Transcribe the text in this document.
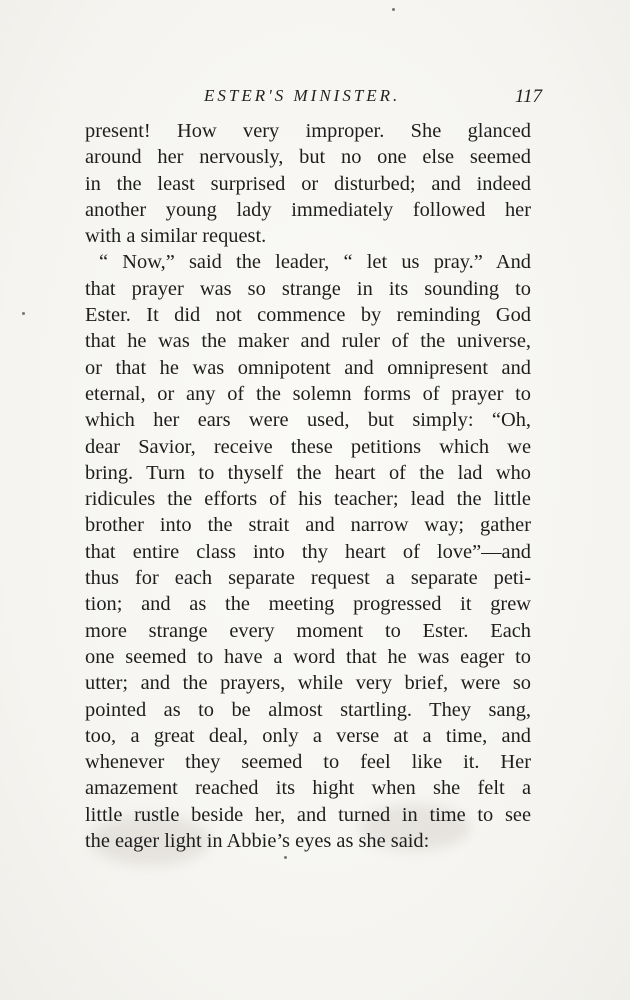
ESTER'S MINISTER.	117
present! How very improper. She glanced
around her nervously, but no one else seemed
in the least surprised or disturbed; and indeed
another young lady immediately followed her
with a similar request.
“ Now,” said the leader, “ let us pray.” And
that prayer was so strange in its sounding to
Ester. It did not commence by reminding God
that he was the maker and ruler of the universe,
or that he was omnipotent and omnipresent and
eternal, or any of the solemn forms of prayer to
which her ears were used, but simply: “Oh,
dear Savior, receive these petitions which we
bring. Turn to thyself the heart of the lad who
ridicules the efforts of his teacher; lead the little
brother into the strait and narrow way; gather
that entire class into thy heart of love”—and
thus for each separate request a separate peti-
tion; and as the meeting progressed it grew
more strange every moment to Ester. Each
one seemed to have a word that he was eager to
utter; and the prayers, while very brief, were so
pointed as to be almost startling. They sang,
too, a great deal, only a verse at a time, and
whenever they seemed to feel like it. Her
amazement reached its hight when she felt a
little rustle beside her, and turned in time to see
the eager light in Abbie’s eyes as she said:
